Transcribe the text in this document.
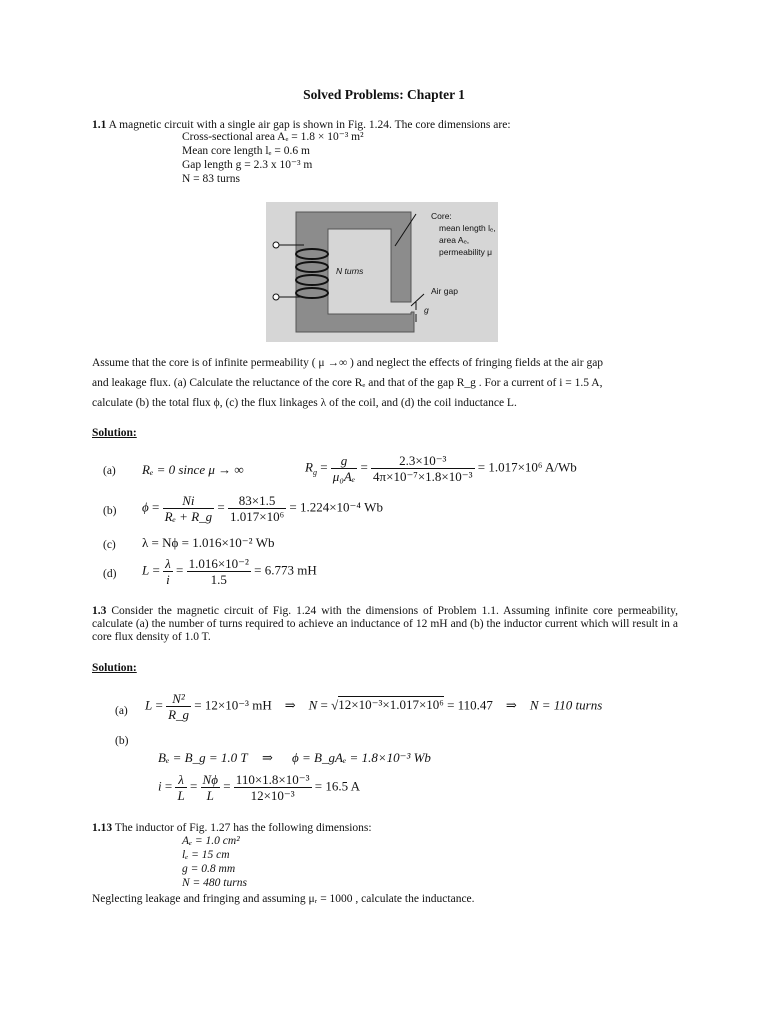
Solved Problems: Chapter 1
1.1 A magnetic circuit with a single air gap is shown in Fig. 1.24. The core dimensions are:
Cross-sectional area Aₑ = 1.8 × 10⁻³ m²
Mean core length lₑ = 0.6 m
Gap length g = 2.3 x 10⁻³ m
N = 83 turns
N turns
Core:
mean length lₑ,
area Aₑ,
permeability μ
Air gap
g
Assume that the core is of infinite permeability ( μ →∞ ) and neglect the effects of fringing fields at the air gap
and leakage flux. (a) Calculate the reluctance of the core Rₑ and that of the gap R_g . For a current of i = 1.5 A,
calculate (b) the total flux ϕ, (c) the flux linkages λ of the coil, and (d) the coil inductance L.
Solution:
(a) Rₑ = 0 since μ → ∞	$R_g = \frac{g}{\text{μ₀Aₑ}} = \frac{\text{2.3×10⁻³}}{\text{4π×10⁻⁷×1.8×10⁻³}} = 1.017\times 10^6$ A/Wb
(b) $\phi = \frac{Ni}{\text{Rₑ + R\_g}} = \frac{83\times 1.5}{\text{1.017×10⁶}} = 1.224\times 10^{-4}$ Wb
(c) λ = Nϕ = 1.016×10⁻² Wb
(d) $L = \frac{\lambda}{i} = \frac{\text{1.016×10⁻²}}{1.5} = 6.773$ mH
1.3 Consider the magnetic circuit of Fig. 1.24 with the dimensions of Problem 1.1. Assuming infinite core permeability, calculate (a) the number of turns required to achieve an inductance of 12 mH and (b) the inductor current which will result in a core flux density of 1.0 T.
Solution:
(a) $L = \frac{\text{N²}}{R\_g} = 12\times 10^{-3}$ mH ⇒ N = √12×10⁻³×1.017×10⁶ = 110.47 ⇒ N = 110 turns
(b)
Bₑ = B_g = 1.0 T ⇒ ϕ = B_gAₑ = 1.8×10⁻³ Wb
$i = \frac{\lambda}{L} = \frac{N\phi}{L} = \frac{\text{110×1.8×10⁻³}}{\text{12×10⁻³}} = 16.5$ A
1.13 The inductor of Fig. 1.27 has the following dimensions:
Aₑ = 1.0 cm²
lₑ = 15 cm
g = 0.8 mm
N = 480 turns
Neglecting leakage and fringing and assuming μᵣ = 1000 , calculate the inductance.
